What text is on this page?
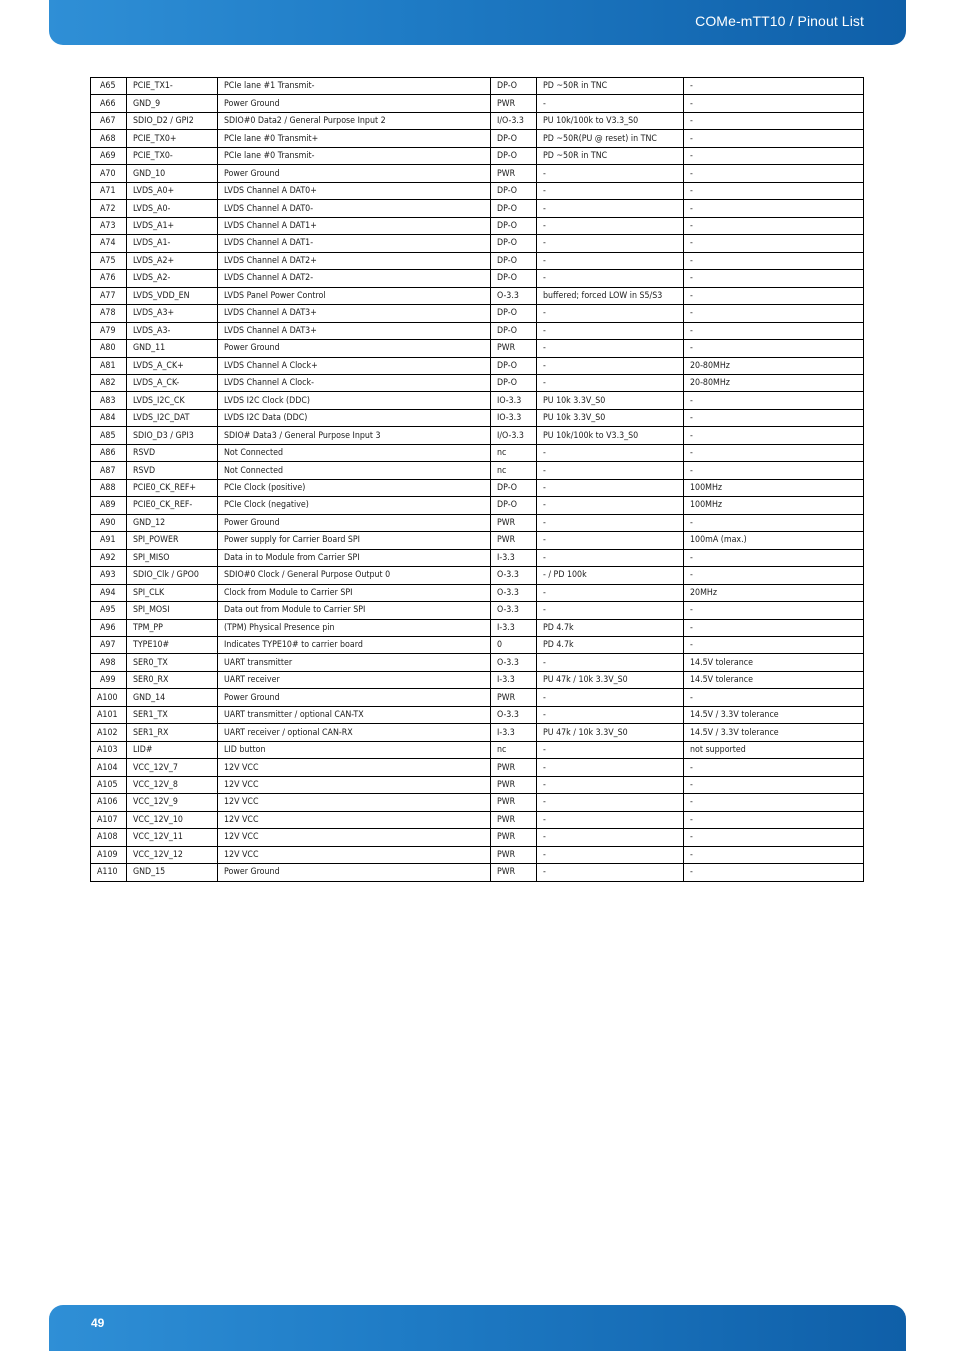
COMe-mTT10 / Pinout List
A65	PCIE_TX1-	PCIe lane #1 Transmit-	DP-O	PD ~50R in TNC	-
A66	GND_9	Power Ground	PWR	-	-
A67	SDIO_D2 / GPI2	SDIO#0 Data2 / General Purpose Input 2	I/O-3.3	PU 10k/100k to V3.3_S0	-
A68	PCIE_TX0+	PCIe lane #0 Transmit+	DP-O	PD ~50R(PU @ reset) in TNC	-
A69	PCIE_TX0-	PCIe lane #0 Transmit-	DP-O	PD ~50R in TNC	-
A70	GND_10	Power Ground	PWR	-	-
A71	LVDS_A0+	LVDS Channel A DAT0+	DP-O	-	-
A72	LVDS_A0-	LVDS Channel A DAT0-	DP-O	-	-
A73	LVDS_A1+	LVDS Channel A DAT1+	DP-O	-	-
A74	LVDS_A1-	LVDS Channel A DAT1-	DP-O	-	-
A75	LVDS_A2+	LVDS Channel A DAT2+	DP-O	-	-
A76	LVDS_A2-	LVDS Channel A DAT2-	DP-O	-	-
A77	LVDS_VDD_EN	LVDS Panel Power Control	O-3.3	buffered; forced LOW in S5/S3	-
A78	LVDS_A3+	LVDS Channel A DAT3+	DP-O	-	-
A79	LVDS_A3-	LVDS Channel A DAT3+	DP-O	-	-
A80	GND_11	Power Ground	PWR	-	-
A81	LVDS_A_CK+	LVDS Channel A Clock+	DP-O	-	20-80MHz
A82	LVDS_A_CK-	LVDS Channel A Clock-	DP-O	-	20-80MHz
A83	LVDS_I2C_CK	LVDS I2C Clock (DDC)	IO-3.3	PU 10k 3.3V_S0	-
A84	LVDS_I2C_DAT	LVDS I2C Data (DDC)	IO-3.3	PU 10k 3.3V_S0	-
A85	SDIO_D3 / GPI3	SDIO# Data3 / General Purpose Input 3	I/O-3.3	PU 10k/100k to V3.3_S0	-
A86	RSVD	Not Connected	nc	-	-
A87	RSVD	Not Connected	nc	-	-
A88	PCIE0_CK_REF+	PCIe Clock (positive)	DP-O	-	100MHz
A89	PCIE0_CK_REF-	PCIe Clock (negative)	DP-O	-	100MHz
A90	GND_12	Power Ground	PWR	-	-
A91	SPI_POWER	Power supply for Carrier Board SPI	PWR	-	100mA (max.)
A92	SPI_MISO	Data in to Module from Carrier SPI	I-3.3	-	-
A93	SDIO_Clk / GPO0	SDIO#0 Clock / General Purpose Output 0	O-3.3	- / PD 100k	-
A94	SPI_CLK	Clock from Module to Carrier SPI	O-3.3	-	20MHz
A95	SPI_MOSI	Data out from Module to Carrier SPI	O-3.3	-	-
A96	TPM_PP	(TPM) Physical Presence pin	I-3.3	PD 4.7k	-
A97	TYPE10#	Indicates TYPE10# to carrier board	0	PD 4.7k	-
A98	SER0_TX	UART transmitter	O-3.3	-	14.5V tolerance
A99	SER0_RX	UART receiver	I-3.3	PU 47k / 10k 3.3V_S0	14.5V tolerance
A100	GND_14	Power Ground	PWR	-	-
A101	SER1_TX	UART transmitter / optional CAN-TX	O-3.3	-	14.5V / 3.3V tolerance
A102	SER1_RX	UART receiver / optional CAN-RX	I-3.3	PU 47k / 10k 3.3V_S0	14.5V / 3.3V tolerance
A103	LID#	LID button	nc	-	not supported
A104	VCC_12V_7	12V VCC	PWR	-	-
A105	VCC_12V_8	12V VCC	PWR	-	-
A106	VCC_12V_9	12V VCC	PWR	-	-
A107	VCC_12V_10	12V VCC	PWR	-	-
A108	VCC_12V_11	12V VCC	PWR	-	-
A109	VCC_12V_12	12V VCC	PWR	-	-
A110	GND_15	Power Ground	PWR	-	-
49
